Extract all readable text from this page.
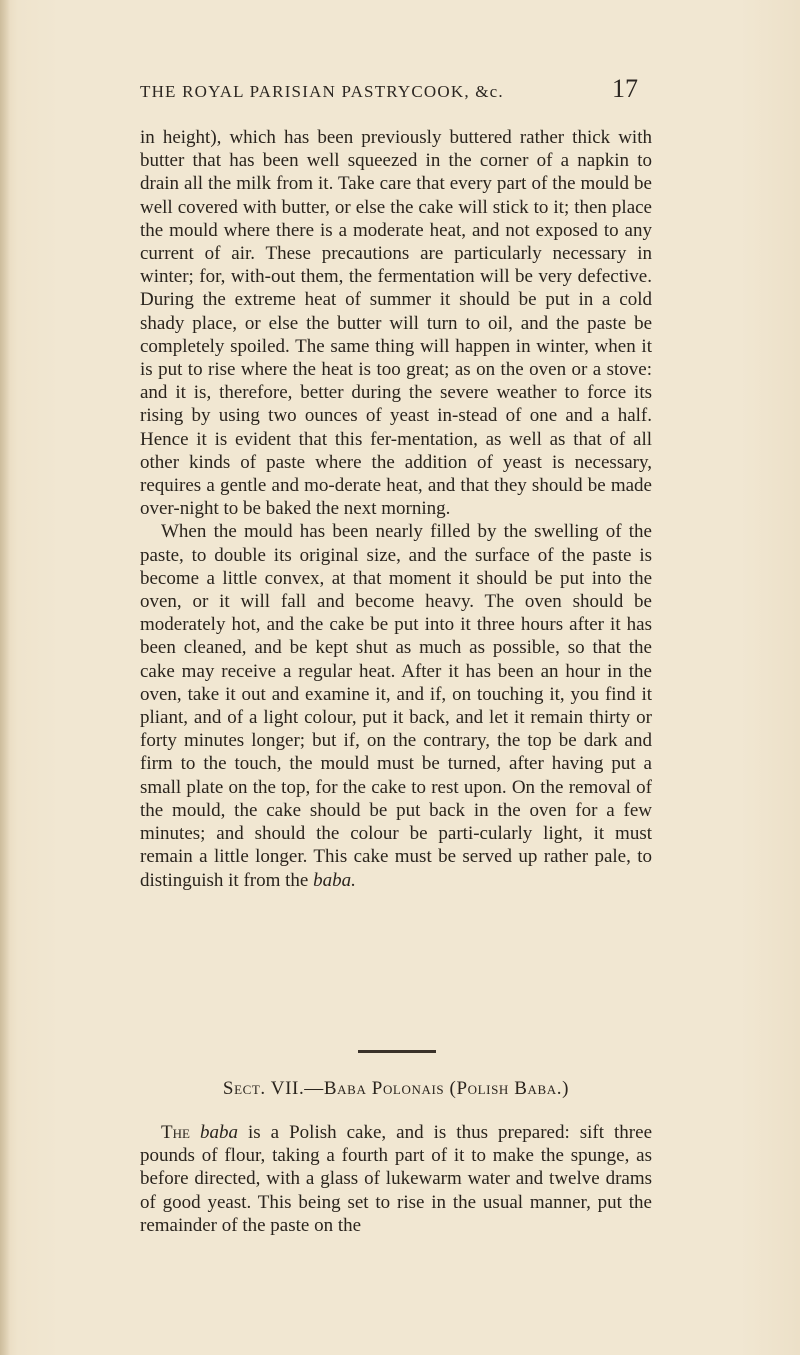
THE ROYAL PARISIAN PASTRYCOOK, &c.	17

in height), which has been previously buttered rather thick with butter that has been well squeezed in the corner of a napkin to drain all the milk from it. Take care that every part of the mould be well covered with butter, or else the cake will stick to it; then place the mould where there is a moderate heat, and not exposed to any current of air. These precautions are particularly necessary in winter; for, with-out them, the fermentation will be very defective. During the extreme heat of summer it should be put in a cold shady place, or else the butter will turn to oil, and the paste be completely spoiled. The same thing will happen in winter, when it is put to rise where the heat is too great; as on the oven or a stove: and it is, therefore, better during the severe weather to force its rising by using two ounces of yeast in-stead of one and a half. Hence it is evident that this fer-mentation, as well as that of all other kinds of paste where the addition of yeast is necessary, requires a gentle and mo-derate heat, and that they should be made over-night to be baked the next morning.

When the mould has been nearly filled by the swelling of the paste, to double its original size, and the surface of the paste is become a little convex, at that moment it should be put into the oven, or it will fall and become heavy. The oven should be moderately hot, and the cake be put into it three hours after it has been cleaned, and be kept shut as much as possible, so that the cake may receive a regular heat. After it has been an hour in the oven, take it out and examine it, and if, on touching it, you find it pliant, and of a light colour, put it back, and let it remain thirty or forty minutes longer; but if, on the contrary, the top be dark and firm to the touch, the mould must be turned, after having put a small plate on the top, for the cake to rest upon. On the removal of the mould, the cake should be put back in the oven for a few minutes; and should the colour be parti-cularly light, it must remain a little longer. This cake must be served up rather pale, to distinguish it from the baba.

Sect. VII.—Baba Polonais (Polish Baba.)

The baba is a Polish cake, and is thus prepared: sift three pounds of flour, taking a fourth part of it to make the spunge, as before directed, with a glass of lukewarm water and twelve drams of good yeast. This being set to rise in the usual manner, put the remainder of the paste on the
